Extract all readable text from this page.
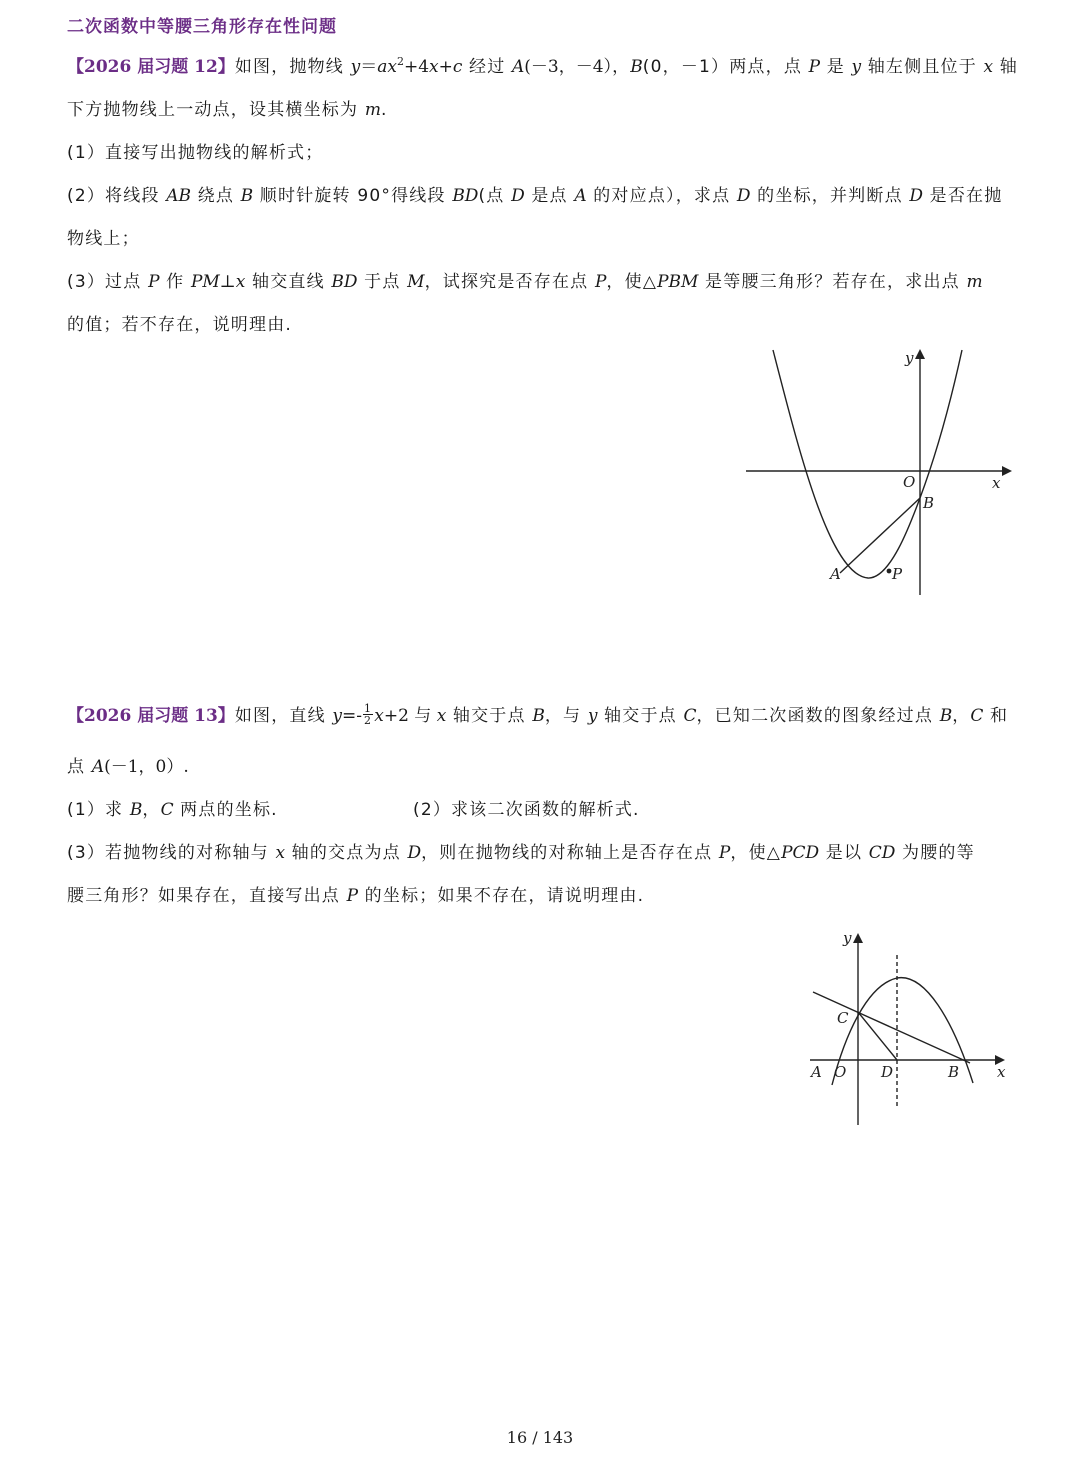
二次函数中等腰三角形存在性问题
【2026 届习题 12】如图，抛物线 $y=ax^2+4x+c$ 经过 A(－3，－4），B(0，－1）两点，点 P 是 y 轴左侧且位于 x 轴
下方抛物线上一动点，设其横坐标为 m.
(1）直接写出抛物线的解析式；
(2）将线段 AB 绕点 B 顺时针旋转 90°得线段 BD(点 D 是点 A 的对应点），求点 D 的坐标，并判断点 D 是否在抛
物线上；
(3）过点 P 作 PM⊥x 轴交直线 BD 于点 M，试探究是否存在点 P，使△PBM 是等腰三角形？若存在，求出点 m
的值；若不存在，说明理由.
y
x
O
B
A	P
【2026 届习题 13】如图，直线 $y=- \frac{1}{2} x+2$ 与 x 轴交于点 B，与 y 轴交于点 C，已知二次函数的图象经过点 B，C 和
点 A(－1，0）.
(1）求 B，C 两点的坐标.	(2）求该二次函数的解析式.
(3）若抛物线的对称轴与 x 轴的交点为点 D，则在抛物线的对称轴上是否存在点 P，使△PCD 是以 CD 为腰的等
腰三角形？如果存在，直接写出点 P 的坐标；如果不存在，请说明理由.
y
x
C
A O D	B
16 / 143
